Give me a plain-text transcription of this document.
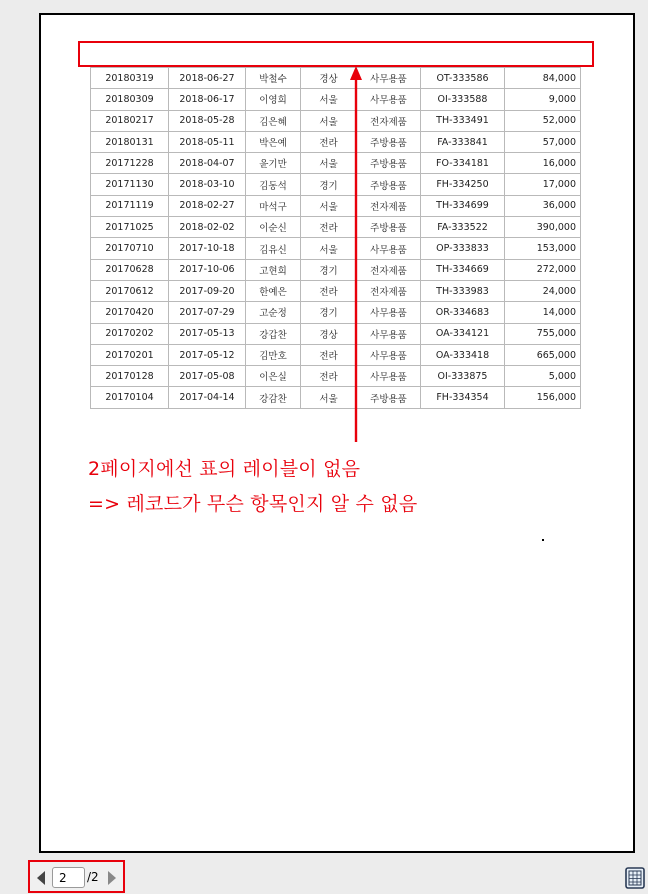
20180319	2018-06-27	박철수	경상	사무용품	OT-333586	84,000
20180309	2018-06-17	이영희	서울	사무용품	OI-333588	9,000
20180217	2018-05-28	김은혜	서울	전자제품	TH-333491	52,000
20180131	2018-05-11	박은예	전라	주방용품	FA-333841	57,000
20171228	2018-04-07	윤기만	서울	주방용품	FO-334181	16,000
20171130	2018-03-10	김동석	경기	주방용품	FH-334250	17,000
20171119	2018-02-27	마석구	서울	전자제품	TH-334699	36,000
20171025	2018-02-02	이순신	전라	주방용품	FA-333522	390,000
20170710	2017-10-18	김유신	서울	사무용품	OP-333833	153,000
20170628	2017-10-06	고현희	경기	전자제품	TH-334669	272,000
20170612	2017-09-20	한예은	전라	전자제품	TH-333983	24,000
20170420	2017-07-29	고순정	경기	사무용품	OR-334683	14,000
20170202	2017-05-13	강갑찬	경상	사무용품	OA-334121	755,000
20170201	2017-05-12	김만호	전라	사무용품	OA-333418	665,000
20170128	2017-05-08	이은실	전라	사무용품	OI-333875	5,000
20170104	2017-04-14	강감찬	서울	주방용품	FH-334354	156,000
2페이지에선 표의 레이블이 없음
=> 레코드가 무슨 항목인지 알 수 없음
2
/2
